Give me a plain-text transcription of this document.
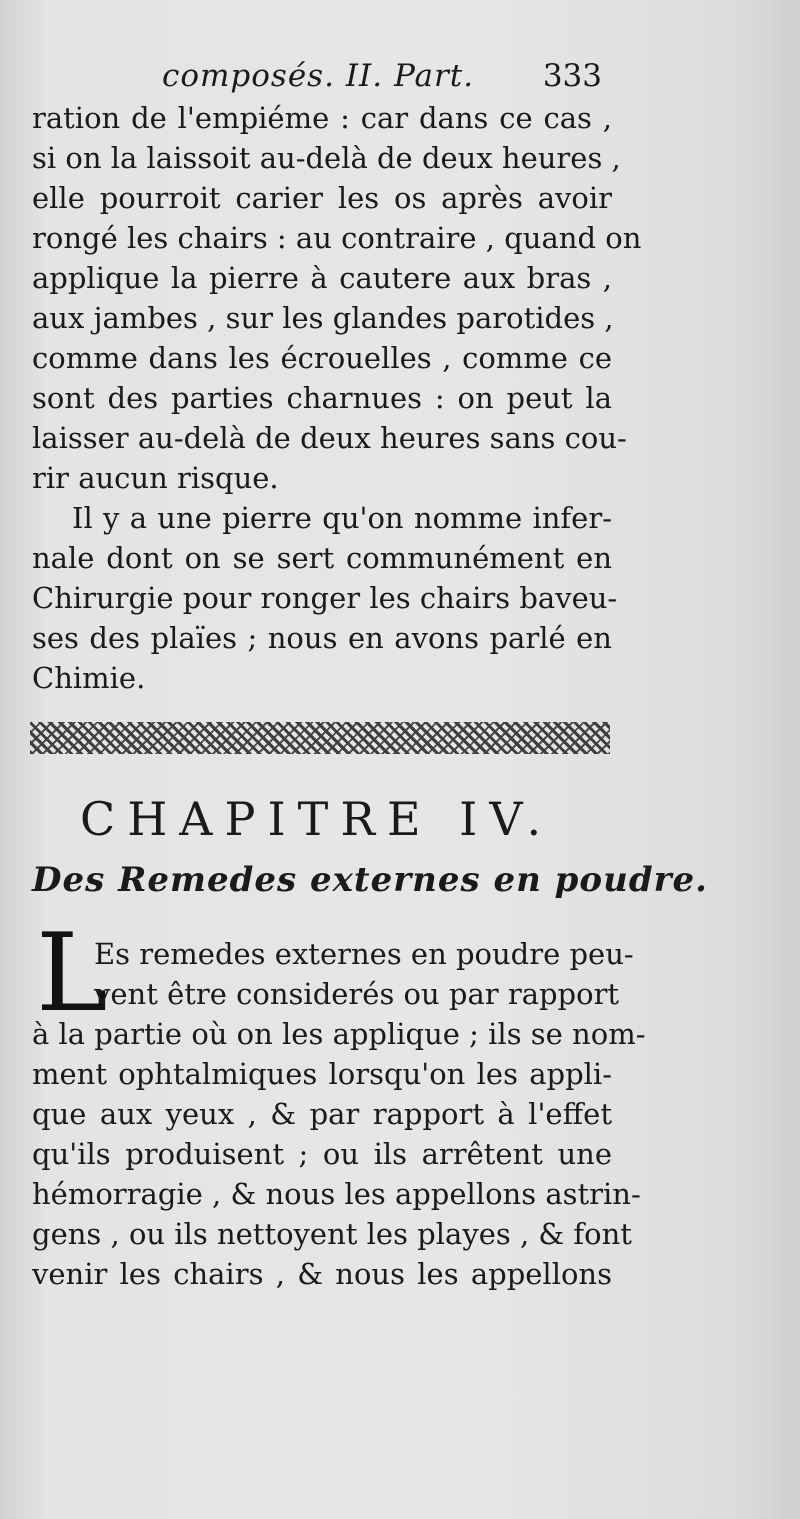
composés. II. Part. 333
ration de l'empiéme : car dans ce cas ,
si on la laissoit au-delà de deux heures ,
elle pourroit carier les os après avoir
rongé les chairs : au contraire , quand on
applique la pierre à cautere aux bras ,
aux jambes , sur les glandes parotides ,
comme dans les écrouelles , comme ce
sont des parties charnues : on peut la
laisser au-delà de deux heures sans cou-
rir aucun risque.
Il y a une pierre qu'on nomme infer-
nale dont on se sert communément en
Chirurgie pour ronger les chairs baveu-
ses des plaïes ; nous en avons parlé en
Chimie.
CHAPITRE IV.
Des Remedes externes en poudre.
L
Es remedes externes en poudre peu-
vent être considerés ou par rapport
à la partie où on les applique ; ils se nom-
ment ophtalmiques lorsqu'on les appli-
que aux yeux , & par rapport à l'effet
qu'ils produisent ; ou ils arrêtent une
hémorragie , & nous les appellons astrin-
gens , ou ils nettoyent les playes , & font
venir les chairs , & nous les appellons
